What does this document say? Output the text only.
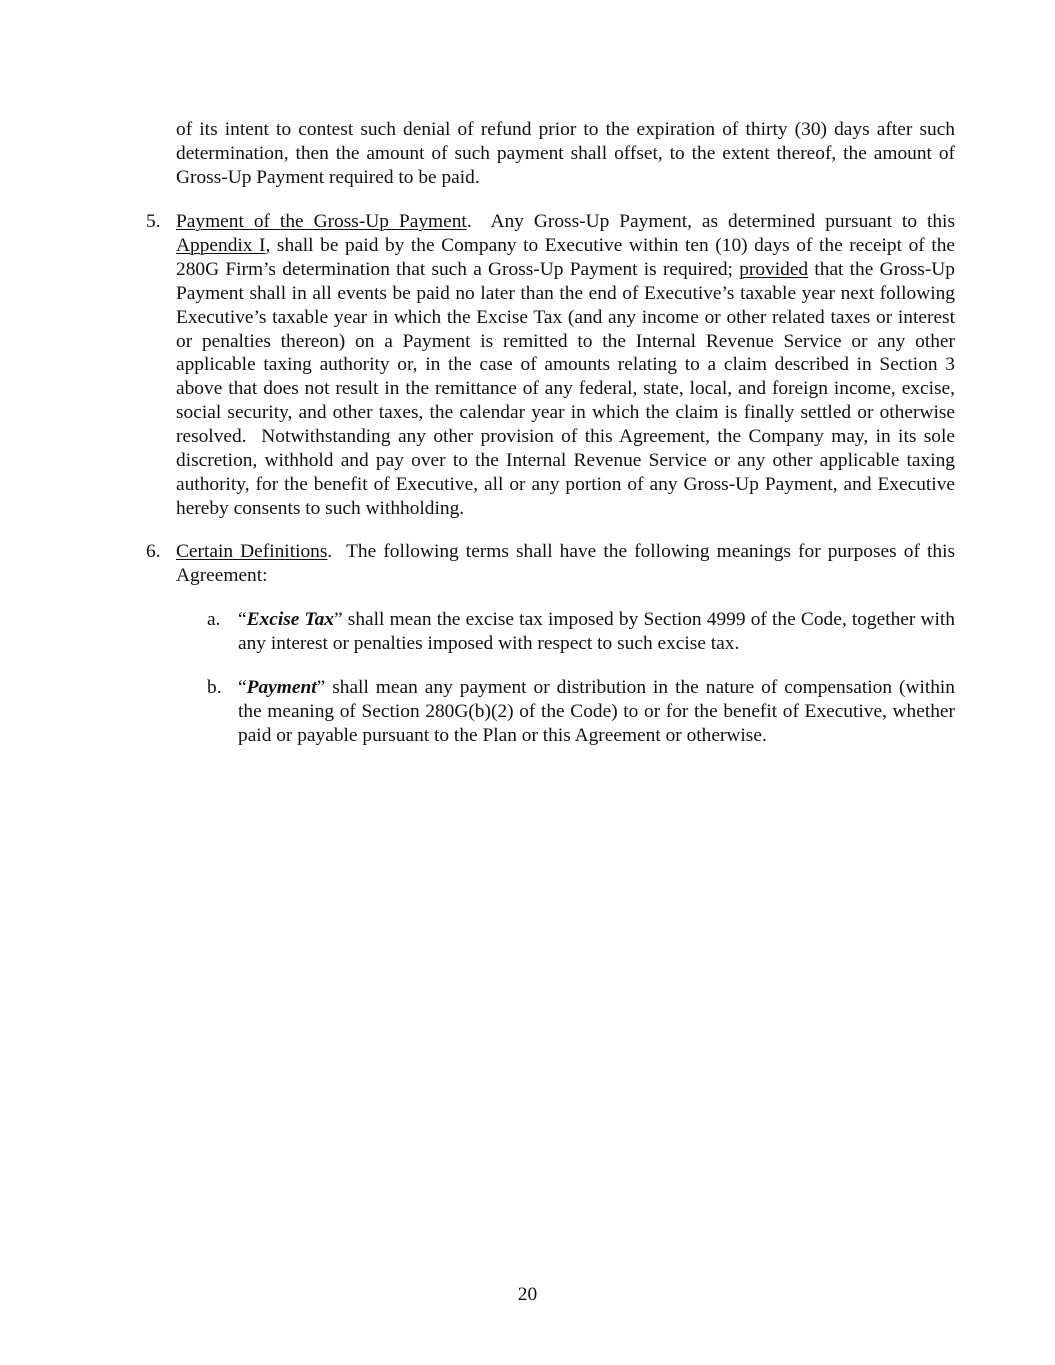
of its intent to contest such denial of refund prior to the expiration of thirty (30) days after such determination, then the amount of such payment shall offset, to the extent thereof, the amount of Gross-Up Payment required to be paid.
5. Payment of the Gross-Up Payment.  Any Gross-Up Payment, as determined pursuant to this Appendix I, shall be paid by the Company to Executive within ten (10) days of the receipt of the 280G Firm’s determination that such a Gross-Up Payment is required; provided that the Gross-Up Payment shall in all events be paid no later than the end of Executive’s taxable year next following Executive’s taxable year in which the Excise Tax (and any income or other related taxes or interest or penalties thereon) on a Payment is remitted to the Internal Revenue Service or any other applicable taxing authority or, in the case of amounts relating to a claim described in Section 3 above that does not result in the remittance of any federal, state, local, and foreign income, excise, social security, and other taxes, the calendar year in which the claim is finally settled or otherwise resolved.  Notwithstanding any other provision of this Agreement, the Company may, in its sole discretion, withhold and pay over to the Internal Revenue Service or any other applicable taxing authority, for the benefit of Executive, all or any portion of any Gross-Up Payment, and Executive hereby consents to such withholding.
6. Certain Definitions.  The following terms shall have the following meanings for purposes of this Agreement:
a. “Excise Tax” shall mean the excise tax imposed by Section 4999 of the Code, together with any interest or penalties imposed with respect to such excise tax.
b. “Payment” shall mean any payment or distribution in the nature of compensation (within the meaning of Section 280G(b)(2) of the Code) to or for the benefit of Executive, whether paid or payable pursuant to the Plan or this Agreement or otherwise.
20
